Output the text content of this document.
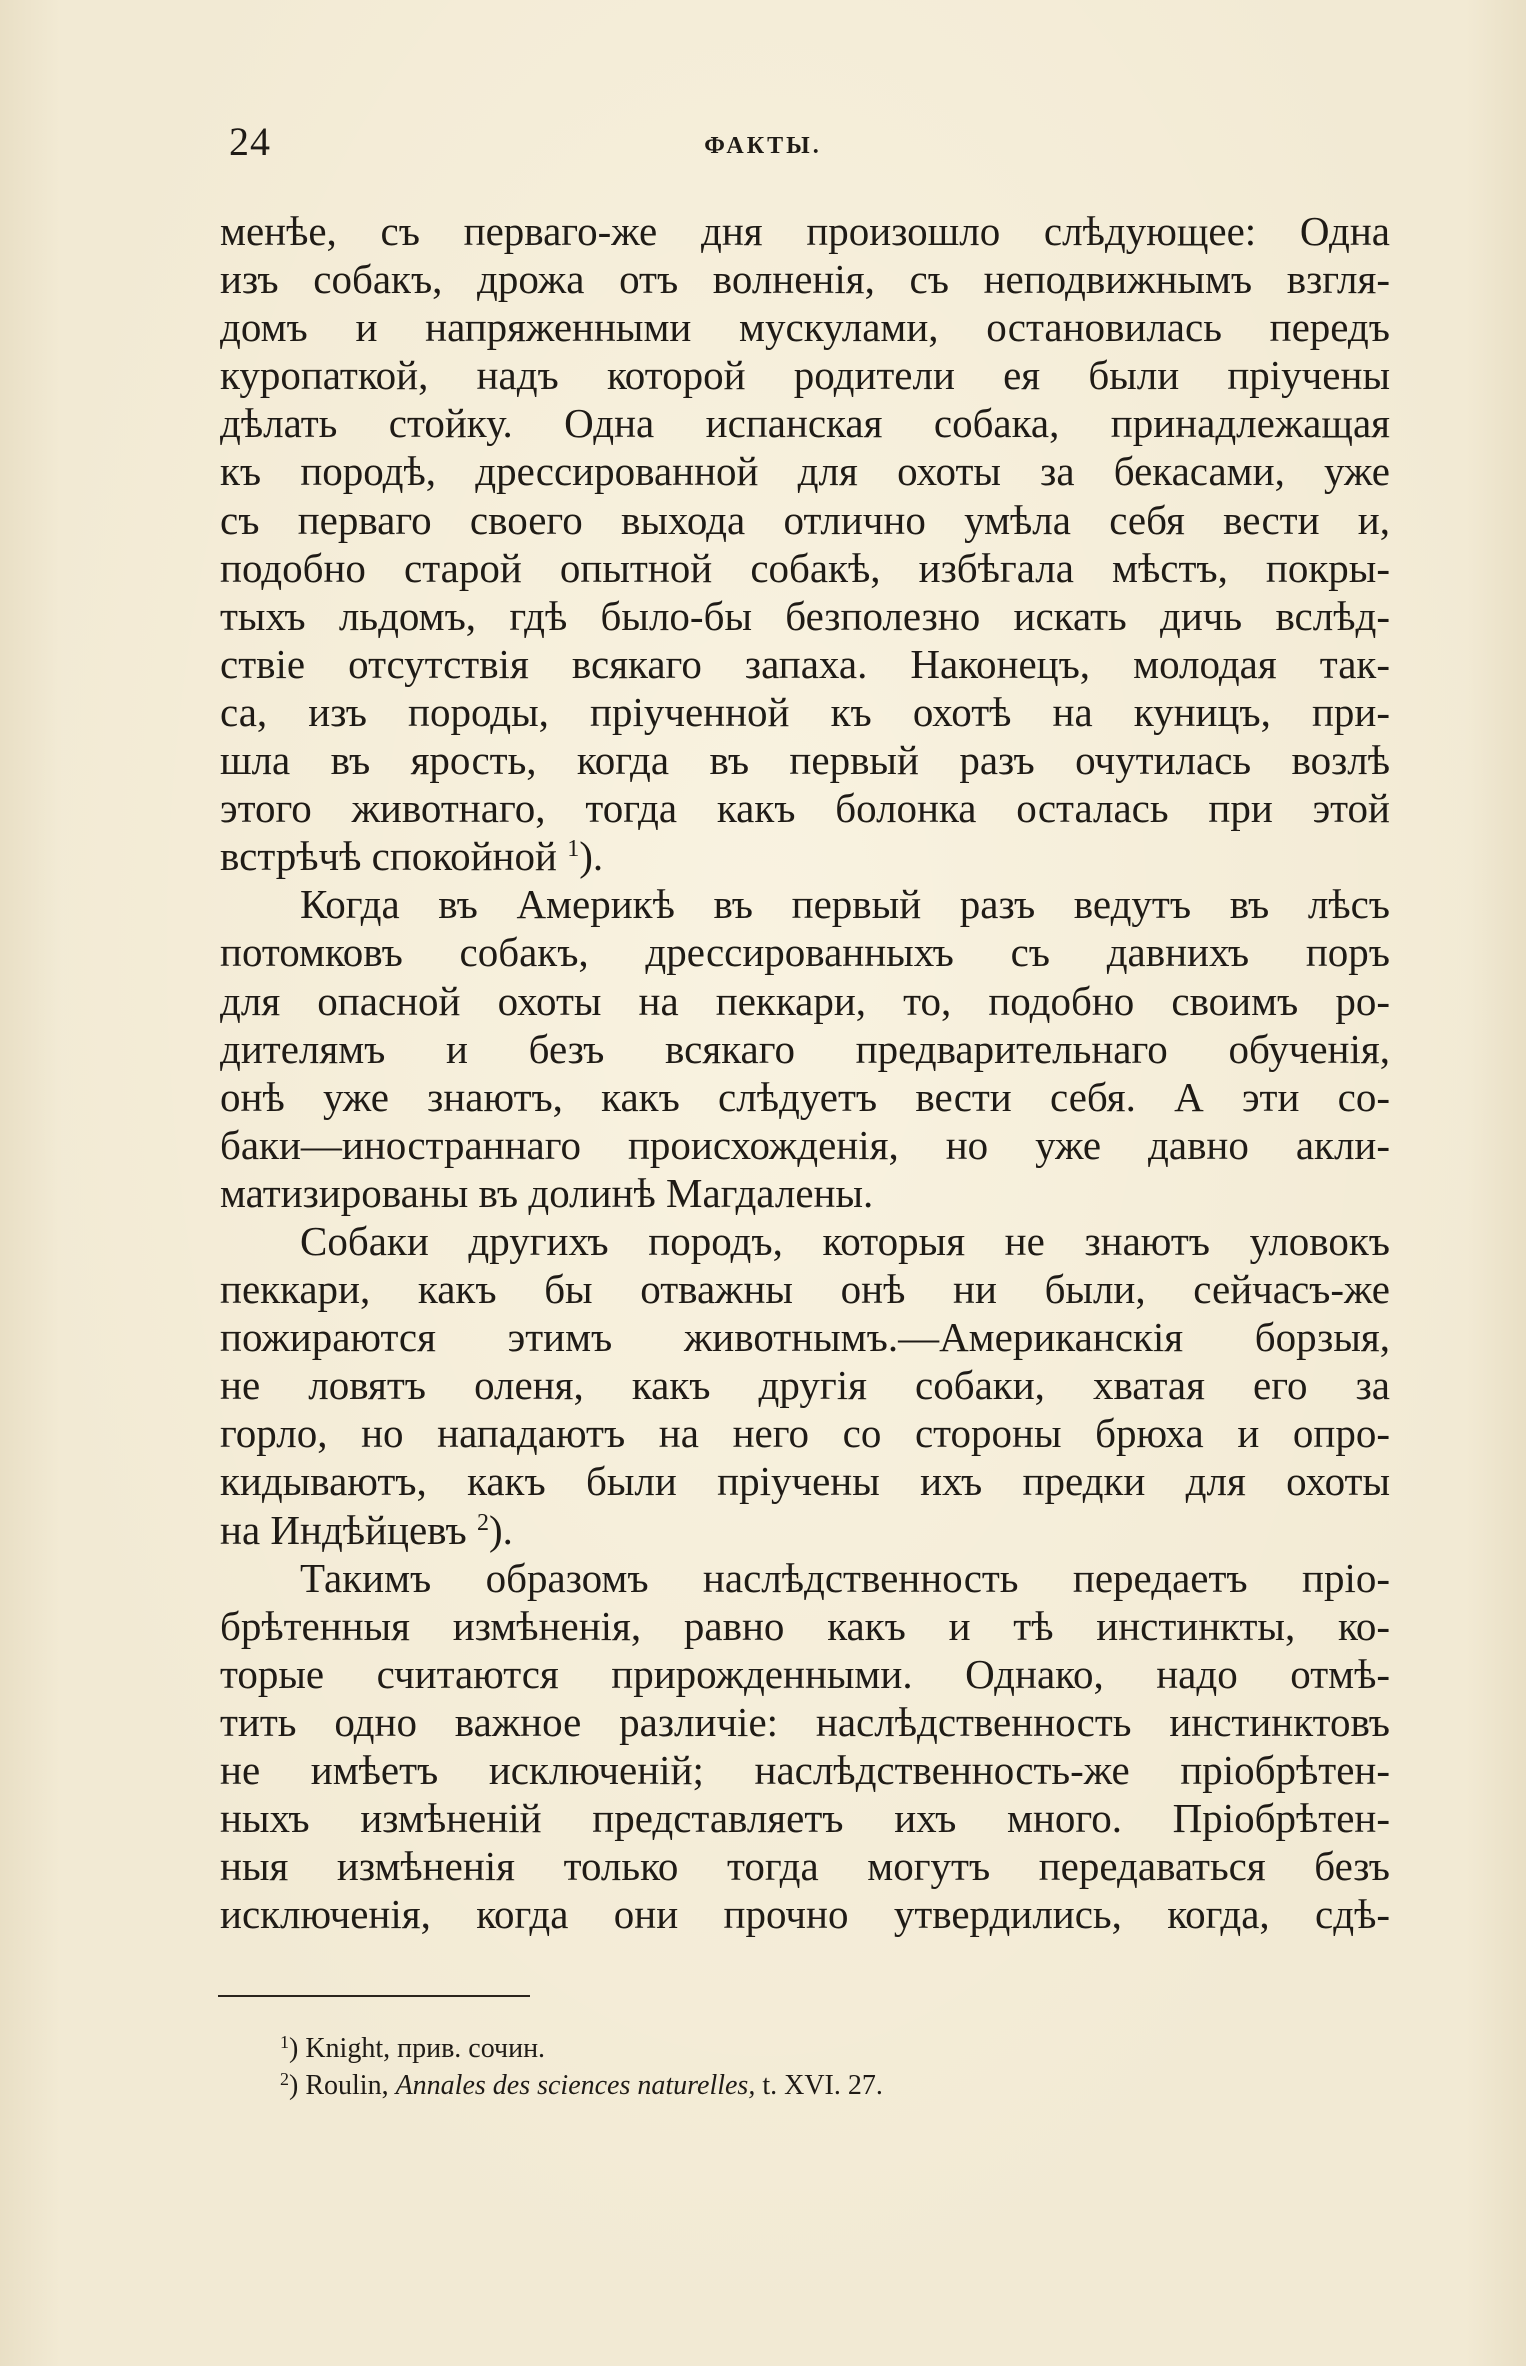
24	ФАКТЫ.
менѣе, съ перваго-же дня произошло слѣдующее: Одна
изъ собакъ, дрожа отъ волненія, съ неподвижнымъ взгля-
домъ и напряженными мускулами, остановилась передъ
куропаткой, надъ которой родители ея были пріучены
дѣлать стойку. Одна испанская собака, принадлежащая
къ породѣ, дрессированной для охоты за бекасами, уже
съ перваго своего выхода отлично умѣла себя вести и,
подобно старой опытной собакѣ, избѣгала мѣстъ, покры-
тыхъ льдомъ, гдѣ было-бы безполезно искать дичь вслѣд-
ствіе отсутствія всякаго запаха. Наконецъ, молодая так-
са, изъ породы, пріученной къ охотѣ на куницъ, при-
шла въ ярость, когда въ первый разъ очутилась возлѣ
этого животнаго, тогда какъ болонка осталась при этой
встрѣчѣ спокойной $^1$).
Когда въ Америкѣ въ первый разъ ведутъ въ лѣсъ
потомковъ собакъ, дрессированныхъ съ давнихъ поръ
для опасной охоты на пеккари, то, подобно своимъ ро-
дителямъ и безъ всякаго предварительнаго обученія,
онѣ уже знаютъ, какъ слѣдуетъ вести себя. А эти со-
баки—иностраннаго происхожденія, но уже давно акли-
матизированы въ долинѣ Магдалены.
Собаки другихъ породъ, которыя не знаютъ уловокъ
пеккари, какъ бы отважны онѣ ни были, сейчасъ-же
пожираются этимъ животнымъ.—Американскія борзыя,
не ловятъ оленя, какъ другія собаки, хватая его за
горло, но нападаютъ на него со стороны брюха и опро-
кидываютъ, какъ были пріучены ихъ предки для охоты
на Индѣйцевъ $^2$).
Такимъ образомъ наслѣдственность передаетъ пріо-
брѣтенныя измѣненія, равно какъ и тѣ инстинкты, ко-
торые считаются прирожденными. Однако, надо отмѣ-
тить одно важное различіе: наслѣдственность инстинктовъ
не имѣетъ исключеній; наслѣдственность-же пріобрѣтен-
ныхъ измѣненій представляетъ ихъ много. Пріобрѣтен-
ныя измѣненія только тогда могутъ передаваться безъ
исключенія, когда они прочно утвердились, когда, сдѣ-
$^1$) Knight, прив. сочин.
$^2$) Roulin, Annales des sciences naturelles, t. XVI. 27.
